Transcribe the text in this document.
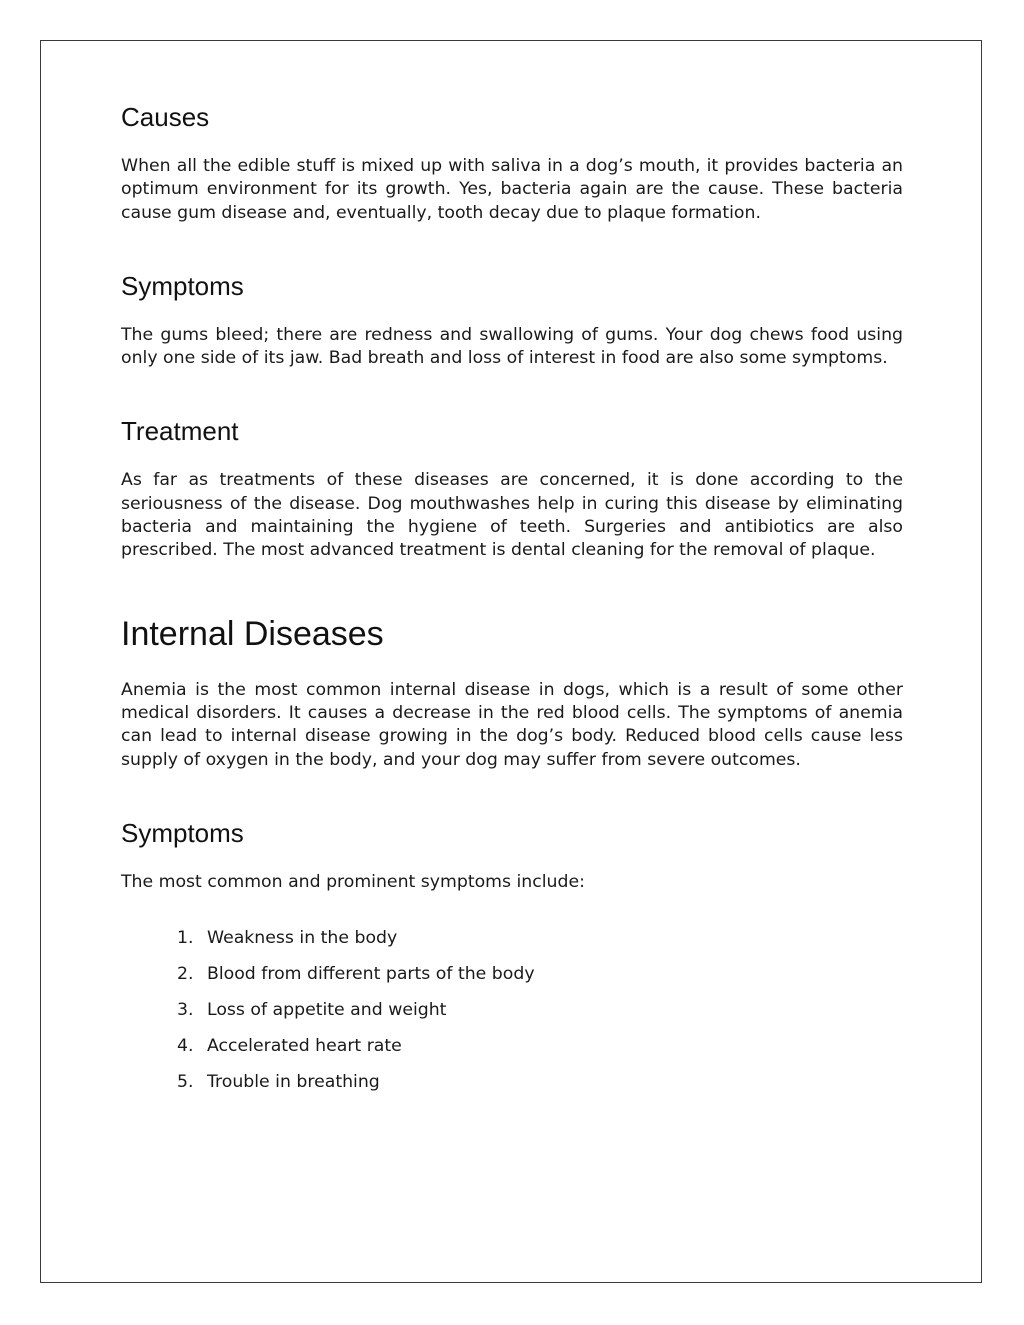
Causes

When all the edible stuff is mixed up with saliva in a dog’s mouth, it provides bacteria an optimum environment for its growth. Yes, bacteria again are the cause. These bacteria cause gum disease and, eventually, tooth decay due to plaque formation.

Symptoms

The gums bleed; there are redness and swallowing of gums. Your dog chews food using only one side of its jaw. Bad breath and loss of interest in food are also some symptoms.

Treatment

As far as treatments of these diseases are concerned, it is done according to the seriousness of the disease. Dog mouthwashes help in curing this disease by eliminating bacteria and maintaining the hygiene of teeth. Surgeries and antibiotics are also prescribed. The most advanced treatment is dental cleaning for the removal of plaque.

Internal Diseases

Anemia is the most common internal disease in dogs, which is a result of some other medical disorders. It causes a decrease in the red blood cells. The symptoms of anemia can lead to internal disease growing in the dog’s body. Reduced blood cells cause less supply of oxygen in the body, and your dog may suffer from severe outcomes.

Symptoms

The most common and prominent symptoms include:

1. Weakness in the body
2. Blood from different parts of the body
3. Loss of appetite and weight
4. Accelerated heart rate
5. Trouble in breathing
